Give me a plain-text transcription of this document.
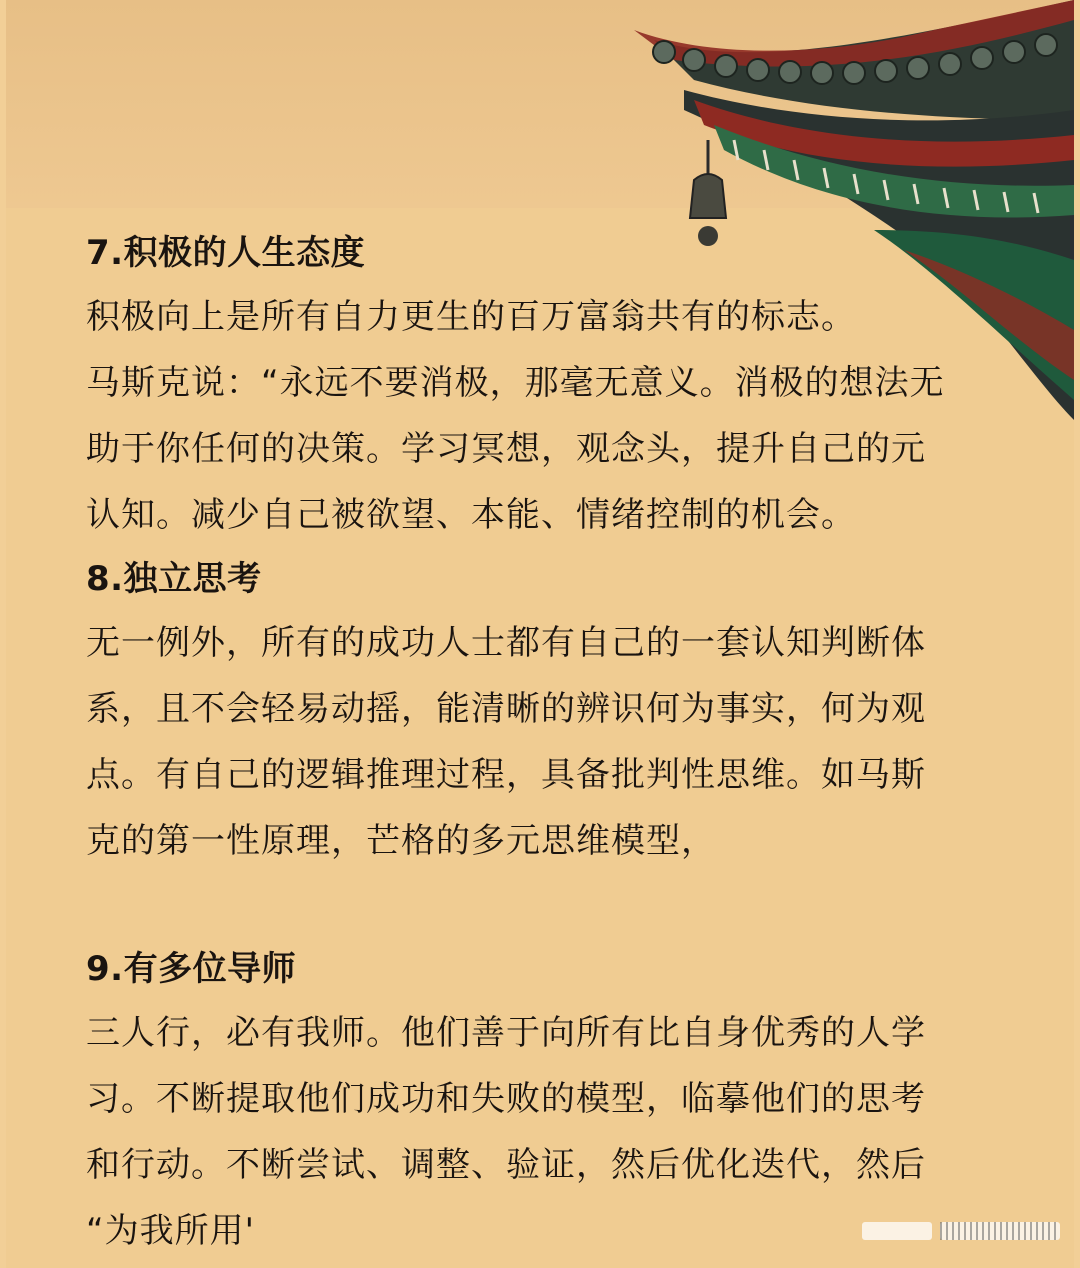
7.积极的人生态度

积极向上是所有自力更生的百万富翁共有的标志。

马斯克说：“永远不要消极，那毫无意义。消极的想法无

助于你任何的决策。学习冥想，观念头，提升自己的元

认知。减少自己被欲望、本能、情绪控制的机会。

8.独立思考

无一例外，所有的成功人士都有自己的一套认知判断体

系，且不会轻易动摇，能清晰的辨识何为事实，何为观

点。有自己的逻辑推理过程，具备批判性思维。如马斯

克的第一性原理，芒格的多元思维模型，

9.有多位导师

三人行，必有我师。他们善于向所有比自身优秀的人学

习。不断提取他们成功和失败的模型，临摹他们的思考

和行动。不断尝试、调整、验证，然后优化迭代，然后

“为我所用'
